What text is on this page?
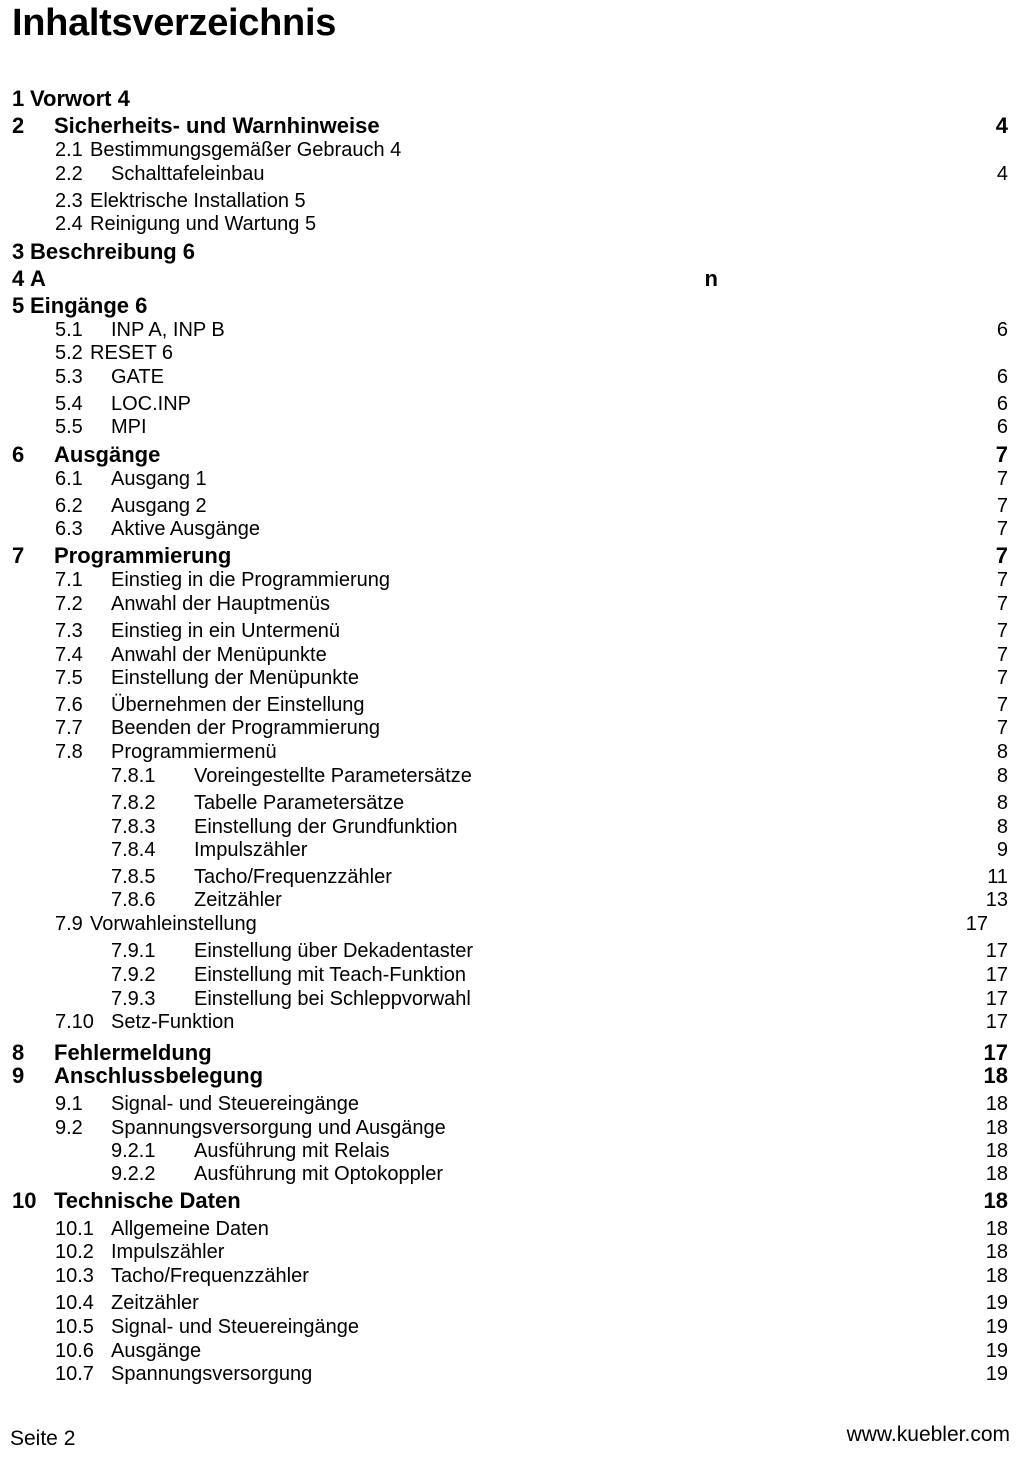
Inhaltsverzeichnis
1 Vorwort 4
2 Sicherheits- und Warnhinweise	4
2.1 Bestimmungsgemäßer Gebrauch 4
2.2 Schalttafeleinbau	4
2.3 Elektrische Installation 5
2.4 Reinigung und Wartung 5
3 Beschreibung 6
4 A	n
5 Eingänge 6
5.1 INP A, INP B	6
5.2 RESET 6
5.3 GATE	6
5.4 LOC.INP	6
5.5 MPI	6
6 Ausgänge	7
6.1 Ausgang 1	7
6.2 Ausgang 2	7
6.3 Aktive Ausgänge	7
7 Programmierung	7
7.1 Einstieg in die Programmierung	7
7.2 Anwahl der Hauptmenüs	7
7.3 Einstieg in ein Untermenü	7
7.4 Anwahl der Menüpunkte	7
7.5 Einstellung der Menüpunkte	7
7.6 Übernehmen der Einstellung	7
7.7 Beenden der Programmierung	7
7.8 Programmiermenü	8
7.8.1 Voreingestellte Parametersätze	8
7.8.2 Tabelle Parametersätze	8
7.8.3 Einstellung der Grundfunktion	8
7.8.4 Impulszähler	9
7.8.5 Tacho/Frequenzzähler	11
7.8.6 Zeitzähler	13
7.9 Vorwahleinstellung	17
7.9.1 Einstellung über Dekadentaster	17
7.9.2 Einstellung mit Teach-Funktion	17
7.9.3 Einstellung bei Schleppvorwahl	17
7.10 Setz-Funktion	17
8 Fehlermeldung	17
9 Anschlussbelegung	18
9.1 Signal- und Steuereingänge	18
9.2 Spannungsversorgung und Ausgänge	18
9.2.1 Ausführung mit Relais	18
9.2.2 Ausführung mit Optokoppler	18
10 Technische Daten	18
10.1 Allgemeine Daten	18
10.2 Impulszähler	18
10.3 Tacho/Frequenzzähler	18
10.4 Zeitzähler	19
10.5 Signal- und Steuereingänge	19
10.6 Ausgänge	19
10.7 Spannungsversorgung	19
Seite 2	www.kuebler.com
